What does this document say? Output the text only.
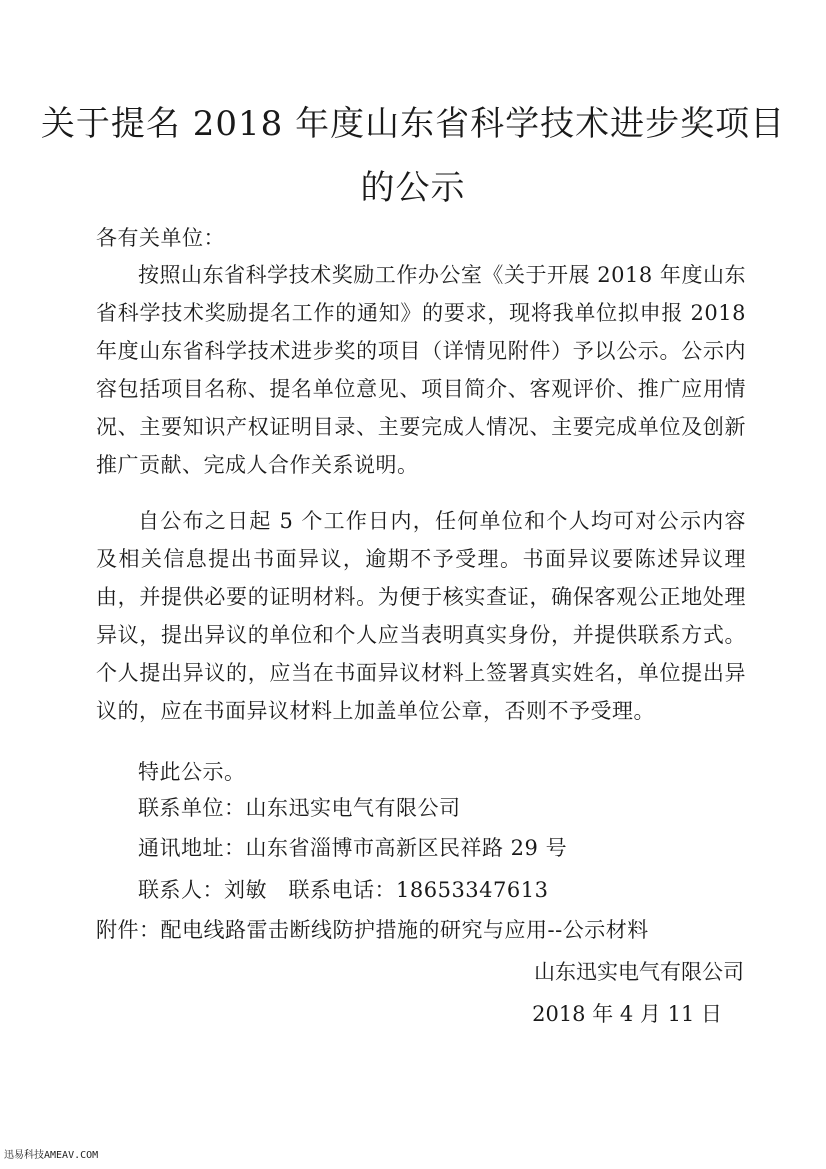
关于提名 2018 年度山东省科学技术进步奖项目
的公示
各有关单位：

按照山东省科学技术奖励工作办公室《关于开展 2018 年度山东省科学技术奖励提名工作的通知》的要求，现将我单位拟申报 2018 年度山东省科学技术进步奖的项目（详情见附件）予以公示。公示内容包括项目名称、提名单位意见、项目简介、客观评价、推广应用情况、主要知识产权证明目录、主要完成人情况、主要完成单位及创新推广贡献、完成人合作关系说明。

自公布之日起 5 个工作日内，任何单位和个人均可对公示内容及相关信息提出书面异议，逾期不予受理。书面异议要陈述异议理由，并提供必要的证明材料。为便于核实查证，确保客观公正地处理异议，提出异议的单位和个人应当表明真实身份，并提供联系方式。个人提出异议的，应当在书面异议材料上签署真实姓名，单位提出异议的，应在书面异议材料上加盖单位公章，否则不予受理。

特此公示。
联系单位：山东迅实电气有限公司
通讯地址：山东省淄博市高新区民祥路 29 号
联系人：刘敏　联系电话：18653347613
附件：配电线路雷击断线防护措施的研究与应用--公示材料
山东迅实电气有限公司
2018 年 4 月 11 日
迅易科技AMEAV.COM
